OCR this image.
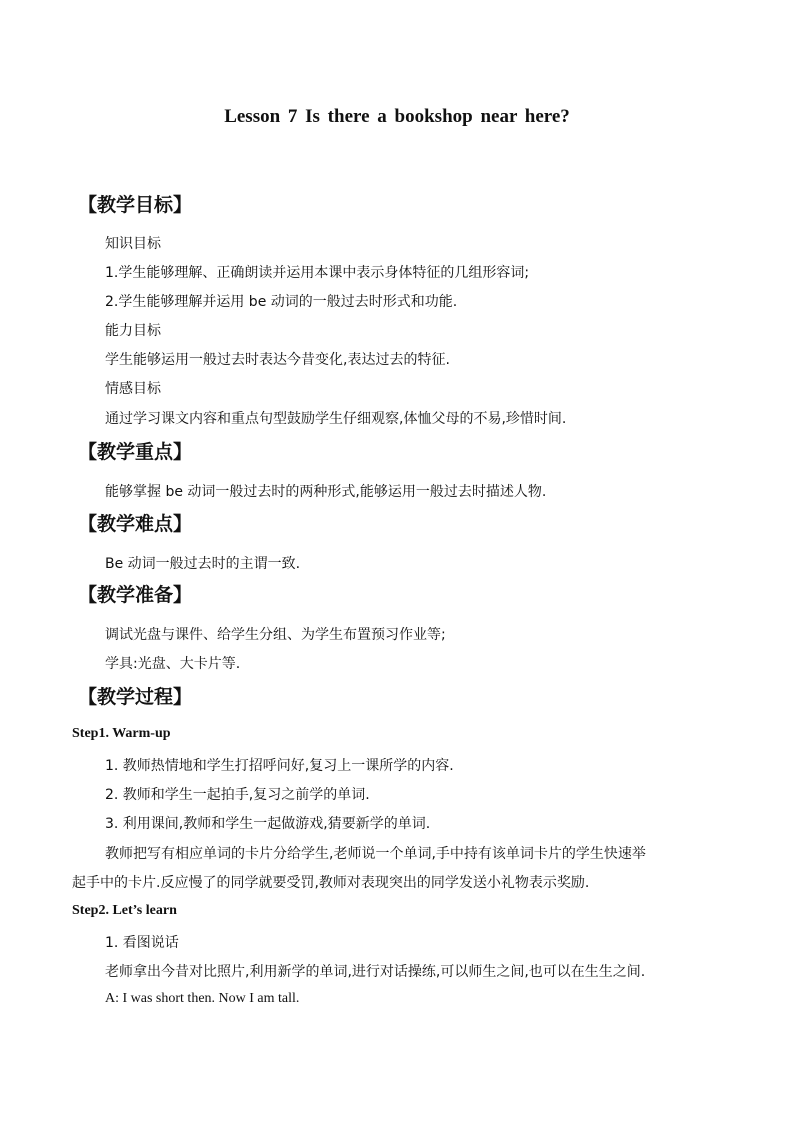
Lesson 7 Is there a bookshop near here?
【教学目标】
知识目标
1.学生能够理解、正确朗读并运用本课中表示身体特征的几组形容词;
2.学生能够理解并运用 be 动词的一般过去时形式和功能.
能力目标
学生能够运用一般过去时表达今昔变化,表达过去的特征.
情感目标
通过学习课文内容和重点句型鼓励学生仔细观察,体恤父母的不易,珍惜时间.
【教学重点】
能够掌握 be 动词一般过去时的两种形式,能够运用一般过去时描述人物.
【教学难点】
Be 动词一般过去时的主谓一致.
【教学准备】
调试光盘与课件、给学生分组、为学生布置预习作业等;
学具:光盘、大卡片等.
【教学过程】
Step1. Warm-up
1. 教师热情地和学生打招呼问好,复习上一课所学的内容.
2. 教师和学生一起拍手,复习之前学的单词.
3. 利用课间,教师和学生一起做游戏,猜要新学的单词.
教师把写有相应单词的卡片分给学生,老师说一个单词,手中持有该单词卡片的学生快速举
起手中的卡片.反应慢了的同学就要受罚,教师对表现突出的同学发送小礼物表示奖励.
Step2. Let’s learn
1. 看图说话
老师拿出今昔对比照片,利用新学的单词,进行对话操练,可以师生之间,也可以在生生之间.
A: I was short then. Now I am tall.
